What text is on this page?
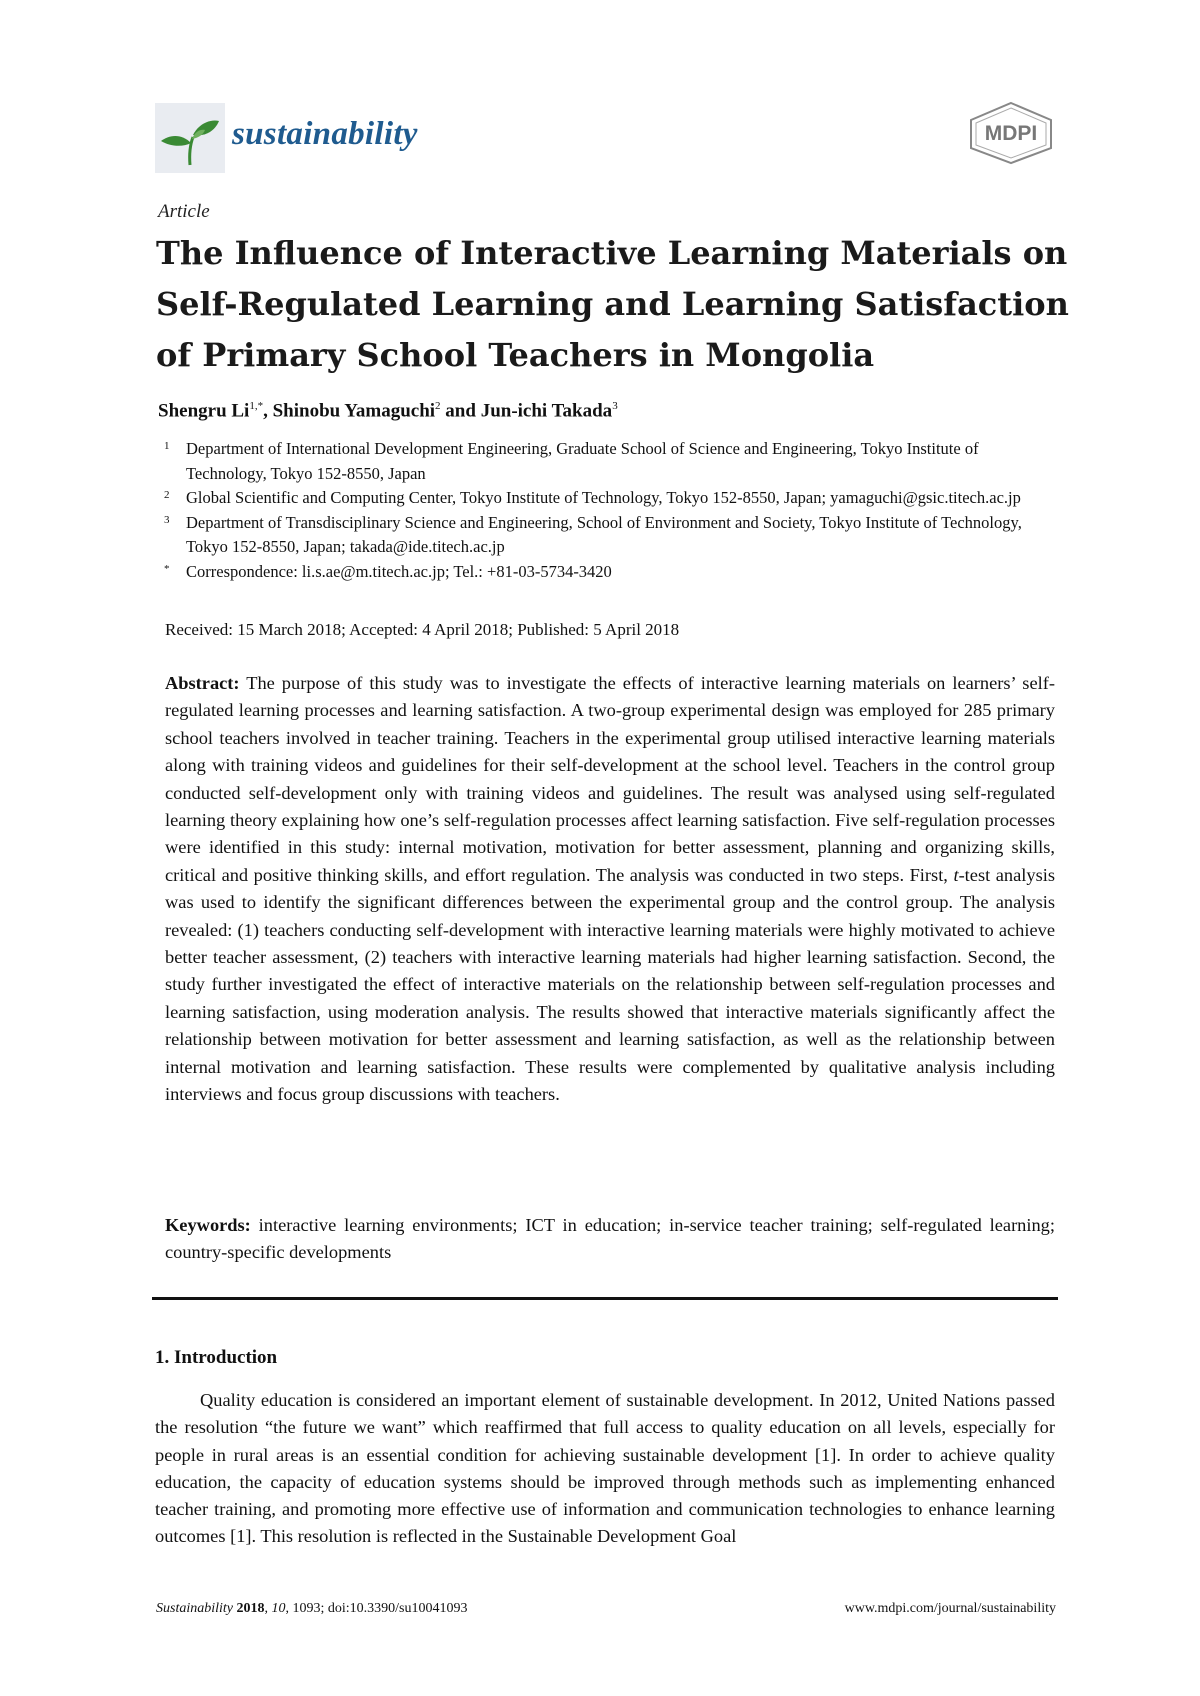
sustainability	MDPI
Article
The Influence of Interactive Learning Materials on Self-Regulated Learning and Learning Satisfaction of Primary School Teachers in Mongolia
Shengru $Li^{1,*}$, Shinobu Yamaguchi$^2$ and Jun-ichi Takada$^3$
1 Department of International Development Engineering, Graduate School of Science and Engineering, Tokyo Institute of Technology, Tokyo 152-8550, Japan
2 Global Scientific and Computing Center, Tokyo Institute of Technology, Tokyo 152-8550, Japan; yamaguchi@gsic.titech.ac.jp
3 Department of Transdisciplinary Science and Engineering, School of Environment and Society, Tokyo Institute of Technology, Tokyo 152-8550, Japan; takada@ide.titech.ac.jp
* Correspondence: li.s.ae@m.titech.ac.jp; Tel.: +81-03-5734-3420
Received: 15 March 2018; Accepted: 4 April 2018; Published: 5 April 2018

Abstract: The purpose of this study was to investigate the effects of interactive learning materials on learners’ self-regulated learning processes and learning satisfaction. A two-group experimental design was employed for 285 primary school teachers involved in teacher training. Teachers in the experimental group utilised interactive learning materials along with training videos and guidelines for their self-development at the school level. Teachers in the control group conducted self-development only with training videos and guidelines. The result was analysed using self-regulated learning theory explaining how one’s self-regulation processes affect learning satisfaction. Five self-regulation processes were identified in this study: internal motivation, motivation for better assessment, planning and organizing skills, critical and positive thinking skills, and effort regulation. The analysis was conducted in two steps. First, t-test analysis was used to identify the significant differences between the experimental group and the control group. The analysis revealed: (1) teachers conducting self-development with interactive learning materials were highly motivated to achieve better teacher assessment, (2) teachers with interactive learning materials had higher learning satisfaction. Second, the study further investigated the effect of interactive materials on the relationship between self-regulation processes and learning satisfaction, using moderation analysis. The results showed that interactive materials significantly affect the relationship between motivation for better assessment and learning satisfaction, as well as the relationship between internal motivation and learning satisfaction. These results were complemented by qualitative analysis including interviews and focus group discussions with teachers.

Keywords: interactive learning environments; ICT in education; in-service teacher training; self-regulated learning; country-specific developments

1. Introduction

Quality education is considered an important element of sustainable development. In 2012, United Nations passed the resolution “the future we want” which reaffirmed that full access to quality education on all levels, especially for people in rural areas is an essential condition for achieving sustainable development [1]. In order to achieve quality education, the capacity of education systems should be improved through methods such as implementing enhanced teacher training, and promoting more effective use of information and communication technologies to enhance learning outcomes [1]. This resolution is reflected in the Sustainable Development Goal

Sustainability 2018, 10, 1093; doi:10.3390/su10041093	www.mdpi.com/journal/sustainability
